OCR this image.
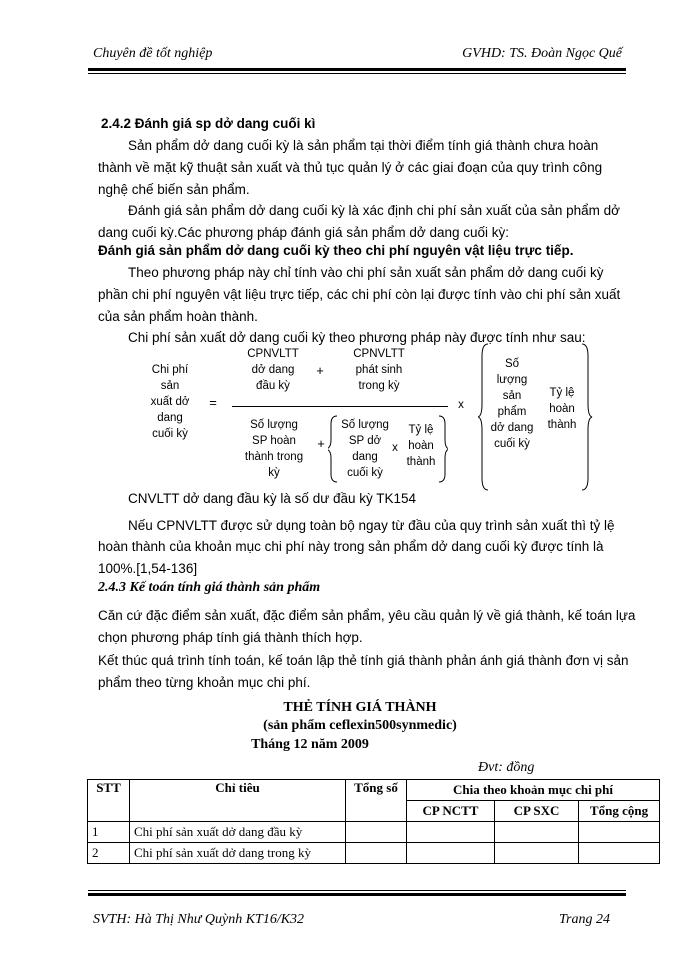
Chuyên đề tốt nghiệp	GVHD: TS. Đoàn Ngọc Quế
2.4.2 Đánh giá sp dở dang cuối kì
Sản phẩm dở dang cuối kỳ là sản phẩm tại thời điểm tính giá thành chưa hoàn
thành về mặt kỹ thuật sản xuất và thủ tục quản lý ở các giai đoạn của quy trình công
nghệ chế biến sản phẩm.
Đánh giá sản phẩm dở dang cuối kỳ là xác định chi phí sản xuất của sản phẩm dở
dang cuối kỳ.Các phương pháp đánh giá sản phẩm dở dang cuối kỳ:
Đánh giá sản phẩm dở dang cuối kỳ theo chi phí nguyên vật liệu trực tiếp.
Theo phương pháp này chỉ tính vào chi phí sản xuất sản phẩm dở dang cuối kỳ
phần chi phí nguyên vật liệu trực tiếp, các chi phí còn lại được tính vào chi phí sản xuất
của sản phẩm hoàn thành.
Chi phí sản xuất dở dang cuối kỳ theo phương pháp này được tính như sau:
Chi phí
sản
xuất dở
dang
cuối kỳ
=
CPNVLTT
dở dang
đầu kỳ
+
CPNVLTT
phát sinh
trong kỳ
Số lượng
SP hoàn
thành trong
kỳ
+
Số lượng
SP dở
dang
cuối kỳ
x
Tỷ lệ
hoàn
thành
x
Số
lượng
sản
phẩm
dở dang
cuối kỳ
Tỷ lệ
hoàn
thành
CNVLTT dở dang đầu kỳ là số dư đầu kỳ TK154
Nếu CPNVLTT được sử dụng toàn bộ ngay từ đầu của quy trình sản xuất thì tỷ lệ
hoàn thành của khoản mục chi phí này trong sản phẩm dở dang cuối kỳ được tính là
100%.[1,54-136]
2.4.3 Kế toán tính giá thành sản phẩm
Căn cứ đặc điểm sản xuất, đặc điểm sản phẩm, yêu cầu quản lý về giá thành, kế toán lựa
chọn phương pháp tính giá thành thích hợp.
Kết thúc quá trình tính toán, kế toán lập thẻ tính giá thành phản ánh giá thành đơn vị sản
phẩm theo từng khoản mục chi phí.
THẺ TÍNH GIÁ THÀNH
(sản phẩm ceflexin500synmedic)
Tháng 12 năm 2009
Đvt: đồng
STT	Chỉ tiêu	Tổng số	Chia theo khoản mục chi phí		
			CP NCTT	CP SXC	Tổng cộng
1	Chi phí sản xuất dở dang đầu kỳ				
2	Chi phí sản xuất dở dang trong kỳ				
SVTH: Hà Thị Như Quỳnh KT16/K32	Trang 24
